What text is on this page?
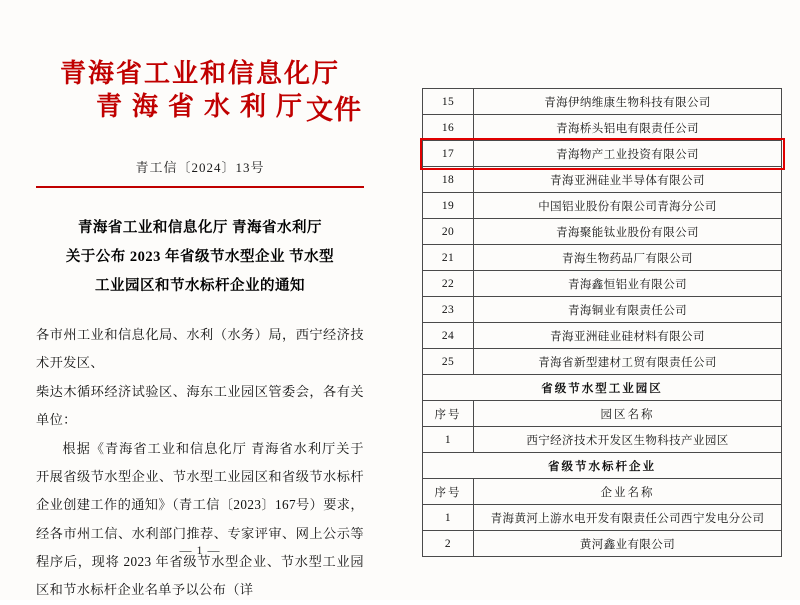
青海省工业和信息化厅
青海省水利厅
文件
青工信〔2024〕13号
青海省工业和信息化厅 青海省水利厅
关于公布 2023 年省级节水型企业 节水型
工业园区和节水标杆企业的通知

各市州工业和信息化局、水利（水务）局，西宁经济技术开发区、

柴达木循环经济试验区、海东工业园区管委会，各有关单位：

根据《青海省工业和信息化厅 青海省水利厅关于开展省级节水型企业、节水型工业园区和省级节水标杆企业创建工作的通知》（青工信〔2023〕167号）要求，经各市州工信、水利部门推荐、专家评审、网上公示等程序后，现将 2023 年省级节水型企业、节水型工业园区和节水标杆企业名单予以公布（详

— 1 —
15	青海伊纳维康生物科技有限公司
16	青海桥头铝电有限责任公司
17	青海物产工业投资有限公司
18	青海亚洲硅业半导体有限公司
19	中国铝业股份有限公司青海分公司
20	青海聚能钛业股份有限公司
21	青海生物药品厂有限公司
22	青海鑫恒铝业有限公司
23	青海铜业有限责任公司
24	青海亚洲硅业硅材料有限公司
25	青海省新型建材工贸有限责任公司
省级节水型工业园区	
序号	园区名称
1	西宁经济技术开发区生物科技产业园区
省级节水标杆企业	
序号	企业名称
1	青海黄河上游水电开发有限责任公司西宁发电分公司
2	黄河鑫业有限公司
